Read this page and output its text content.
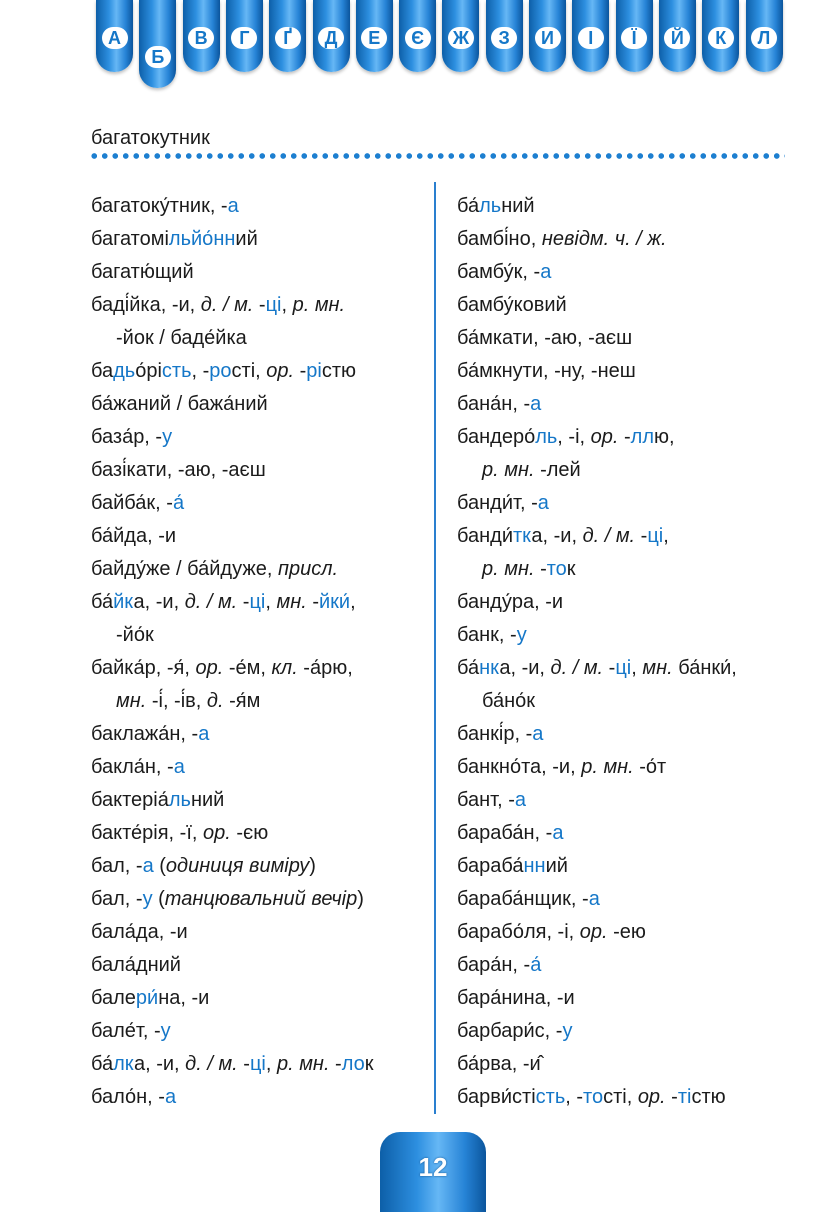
А
Б
В	Г	Ґ	Д	Е	Є	Ж	З	И	І	Ї	Й	К	Л
багатокутник
багатоку́тник, -а
багатомільйонний
багатю́щий
баді́йка, -и, д. / м. -ці, р. мн.
-йок / баде́йка
бадьо́рість, -рості, ор. -рістю
ба́жаний / бажа́ний
база́р, -у
базі́кати, -аю, -аєш
байба́к, -а́
ба́йда, -и
байду́же / ба́йдуже, присл.
ба́йка, -и, д. / м. -ці, мн. -йки́,
-йо́к
байка́р, -я́, ор. -е́м, кл. -а́рю,
мн. -і́, -і́в, д. -я́м
баклажа́н, -а
бакла́н, -а
бактеріа́льний
бакте́рія, -ї, ор. -єю
бал, -а (одиниця виміру)
бал, -у (танцювальний вечір)
бала́да, -и
бала́дний
балери́на, -и
бале́т, -у
ба́лка, -и, д. / м. -ці, р. мн. -лок
бало́н, -а
ба́льний
бамбі́но, невідм. ч. / ж.
бамбу́к, -а
бамбу́ковий
ба́мкати, -аю, -аєш
ба́мкнути, -ну, -неш
бана́н, -а
бандеро́ль, -і, ор. -ллю,
р. мн. -лей
банди́т, -а
банди́тка, -и, д. / м. -ці,
р. мн. -ток
банду́ра, -и
банк, -у
ба́нка, -и, д. / м. -ці, мн. ба́нки́,
ба́но́к
банкі́р, -а
банкно́та, -и, р. мн. -о́т
бант, -а
бараба́н, -а
бараба́нний
бараба́нщик, -а
барабо́ля, -і, ор. -ею
бара́н, -а́
бара́нина, -и
барбари́с, -у
ба́рва, -и̂
барви́стість, -тості, ор. -тістю
12
